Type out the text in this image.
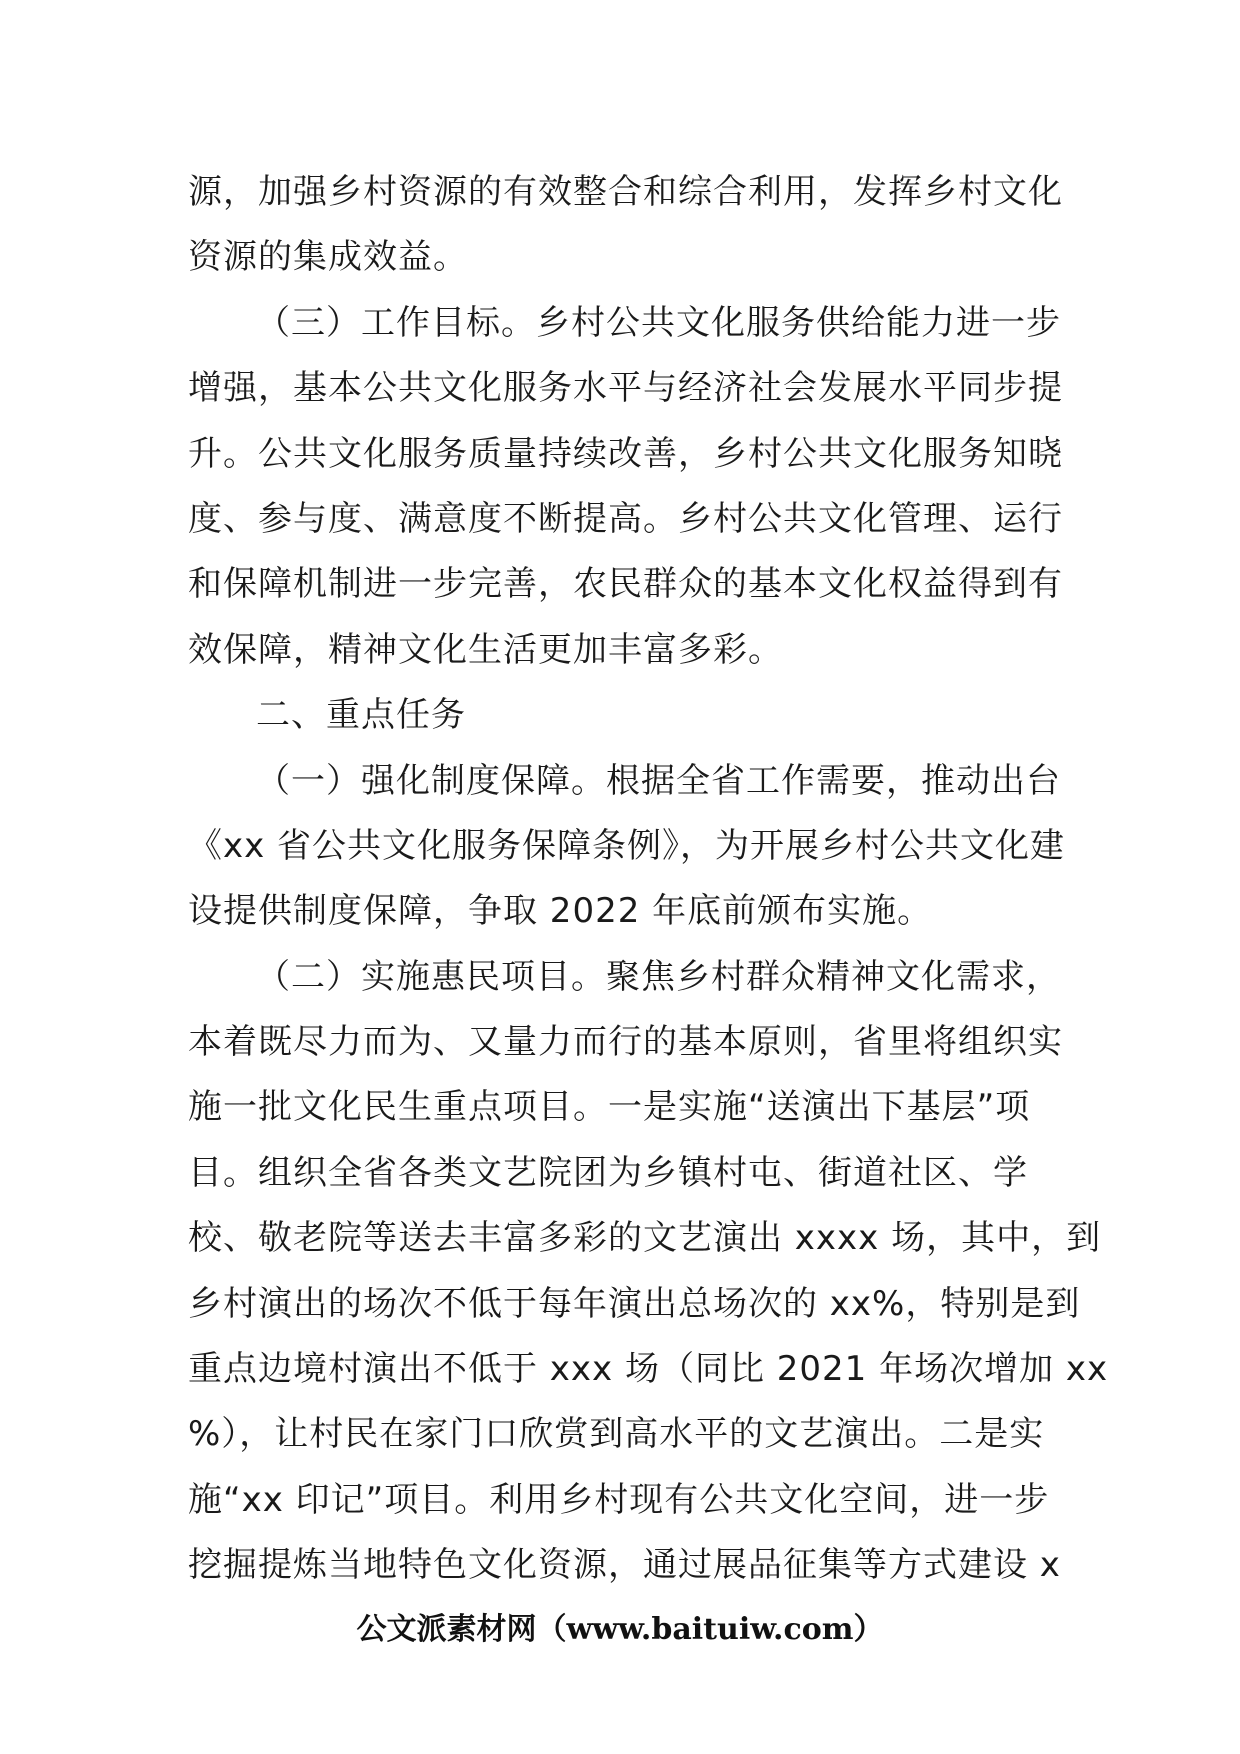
源，加强乡村资源的有效整合和综合利用，发挥乡村文化
资源的集成效益。
（三）工作目标。乡村公共文化服务供给能力进一步
增强，基本公共文化服务水平与经济社会发展水平同步提
升。公共文化服务质量持续改善，乡村公共文化服务知晓
度、参与度、满意度不断提高。乡村公共文化管理、运行
和保障机制进一步完善，农民群众的基本文化权益得到有
效保障，精神文化生活更加丰富多彩。
二、重点任务
（一）强化制度保障。根据全省工作需要，推动出台
《xx 省公共文化服务保障条例》，为开展乡村公共文化建
设提供制度保障，争取 2022 年底前颁布实施。
（二）实施惠民项目。聚焦乡村群众精神文化需求，
本着既尽力而为、又量力而行的基本原则，省里将组织实
施一批文化民生重点项目。一是实施“送演出下基层”项
目。组织全省各类文艺院团为乡镇村屯、街道社区、学
校、敬老院等送去丰富多彩的文艺演出 xxxx 场，其中，到
乡村演出的场次不低于每年演出总场次的 xx%，特别是到
重点边境村演出不低于 xxx 场（同比 2021 年场次增加 xx
%），让村民在家门口欣赏到高水平的文艺演出。二是实
施“xx 印记”项目。利用乡村现有公共文化空间，进一步
挖掘提炼当地特色文化资源，通过展品征集等方式建设 x
公文派素材网（www.baituiw.com）
